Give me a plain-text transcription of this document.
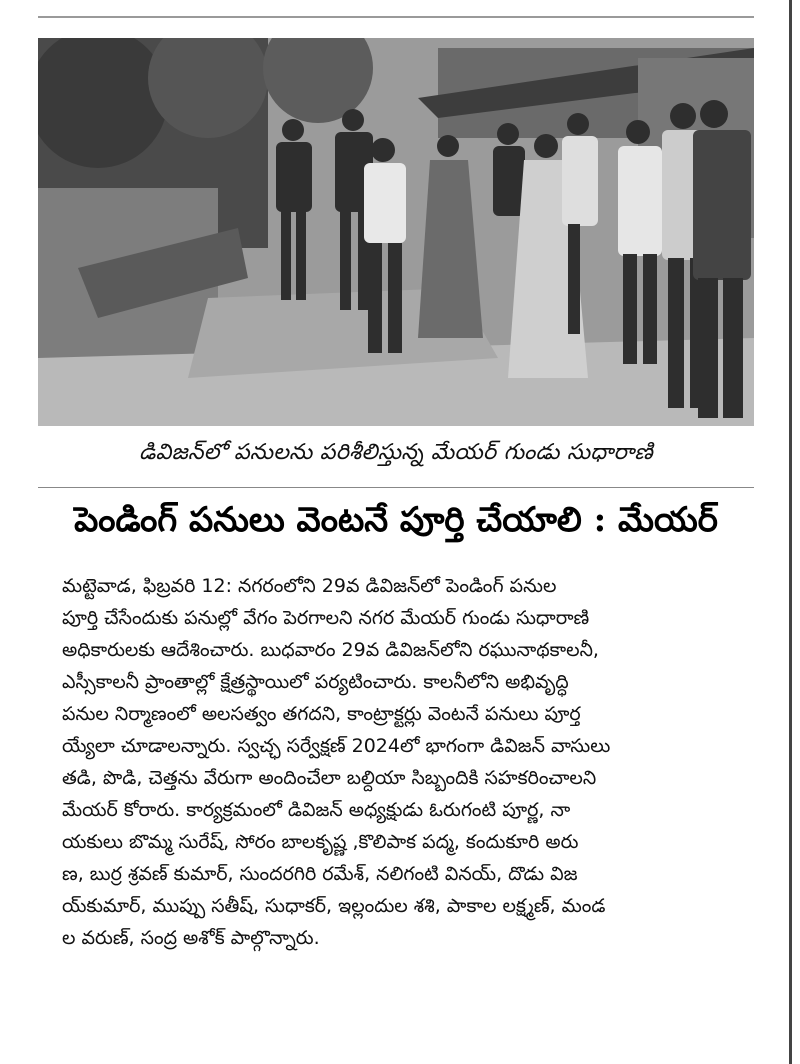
డివిజన్‌లో పనులను పరిశీలిస్తున్న మేయర్ గుండు సుధారాణి
పెండింగ్ పనులు వెంటనే పూర్తి చేయాలి : మేయర్

మట్టెవాడ, ఫిబ్రవరి 12: నగరంలోని 29వ డివిజన్‌లో పెండింగ్ పనుల

పూర్తి చేసేందుకు పనుల్లో వేగం పెరగాలని నగర మేయర్ గుండు సుధారాణి

అధికారులకు ఆదేశించారు. బుధవారం 29వ డివిజన్‌లోని రఘునాథకాలనీ,

ఎస్సీకాలనీ ప్రాంతాల్లో క్షేత్రస్థాయిలో పర్యటించారు. కాలనీలోని అభివృద్ధి

పనుల నిర్మాణంలో అలసత్వం తగదని, కాంట్రాక్టర్లు వెంటనే పనులు పూర్త

య్యేలా చూడాలన్నారు. స్వచ్ఛ సర్వేక్షణ్ 2024లో భాగంగా డివిజన్ వాసులు

తడి, పొడి, చెత్తను వేరుగా అందించేలా బల్దియా సిబ్బందికి సహకరించాలని

మేయర్ కోరారు. కార్యక్రమంలో డివిజన్ అధ్యక్షుడు ఓరుగంటి పూర్ణ, నా

యకులు బొమ్మ సురేష్, సోరం బాలకృష్ణ ,కొలిపాక పద్మ, కందుకూరి అరు

ణ, బుర్ర శ్రవణ్ కుమార్, సుందరగిరి రమేశ్, నలిగంటి వినయ్, దొడు విజ

య్‌కుమార్, ముప్పు సతీష్, సుధాకర్, ఇల్లందుల శశి, పాకాల లక్ష్మణ్, మండ

ల వరుణ్, సంద్ర అశోక్ పాల్గొన్నారు.
